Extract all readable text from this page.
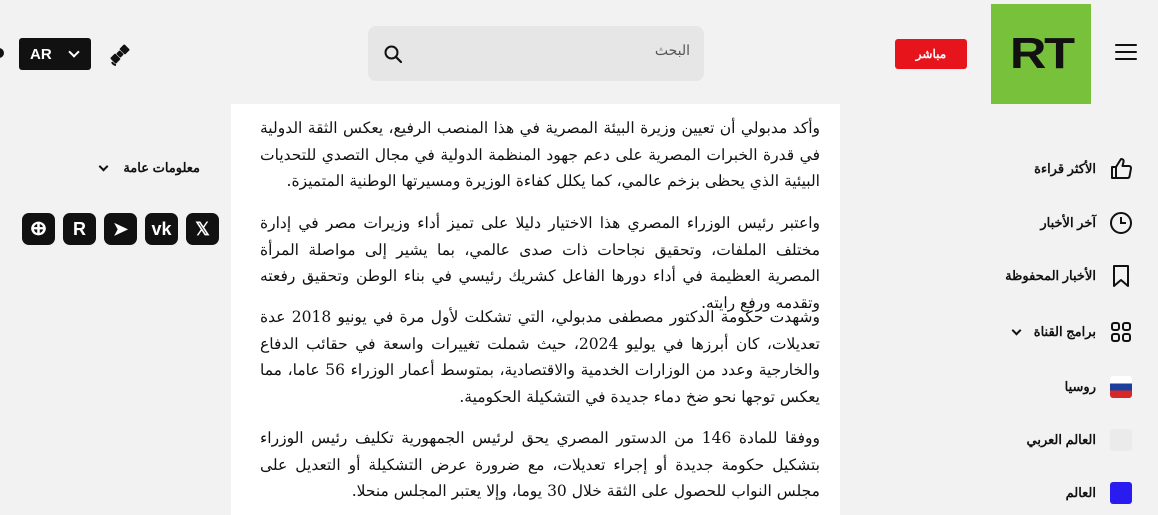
AR	البحث	مباشر	RT
معلومات عامة
ⴲ	R	➤	vk	𝕏

وأكد مدبولي أن تعيين وزيرة البيئة المصرية في هذا المنصب الرفيع، يعكس الثقة الدولية في قدرة الخبرات المصرية على دعم جهود المنظمة الدولية في مجال التصدي للتحديات البيئية الذي يحظى بزخم عالمي، كما يكلل كفاءة الوزيرة ومسيرتها الوطنية المتميزة.

واعتبر رئيس الوزراء المصري هذا الاختيار دليلا على تميز أداء وزيرات مصر في إدارة مختلف الملفات، وتحقيق نجاحات ذات صدى عالمي، بما يشير إلى مواصلة المرأة المصرية العظيمة في أداء دورها الفاعل كشريك رئيسي في بناء الوطن وتحقيق رفعته وتقدمه ورفع رايته.

وشهدت حكومة الدكتور مصطفى مدبولي، التي تشكلت لأول مرة في يونيو 2018 عدة تعديلات، كان أبرزها في يوليو 2024، حيث شملت تغييرات واسعة في حقائب الدفاع والخارجية وعدد من الوزارات الخدمية والاقتصادية، بمتوسط أعمار الوزراء 56 عاما، مما يعكس توجها نحو ضخ دماء جديدة في التشكيلة الحكومية.

ووفقا للمادة 146 من الدستور المصري يحق لرئيس الجمهورية تكليف رئيس الوزراء بتشكيل حكومة جديدة أو إجراء تعديلات، مع ضرورة عرض التشكيلة أو التعديل على مجلس النواب للحصول على الثقة خلال 30 يوما، وإلا يعتبر المجلس منحلا.

الأكثر قراءة
آخر الأخبار
الأخبار المحفوظة
برامج القناة
روسيا
العالم العربي
العالم
